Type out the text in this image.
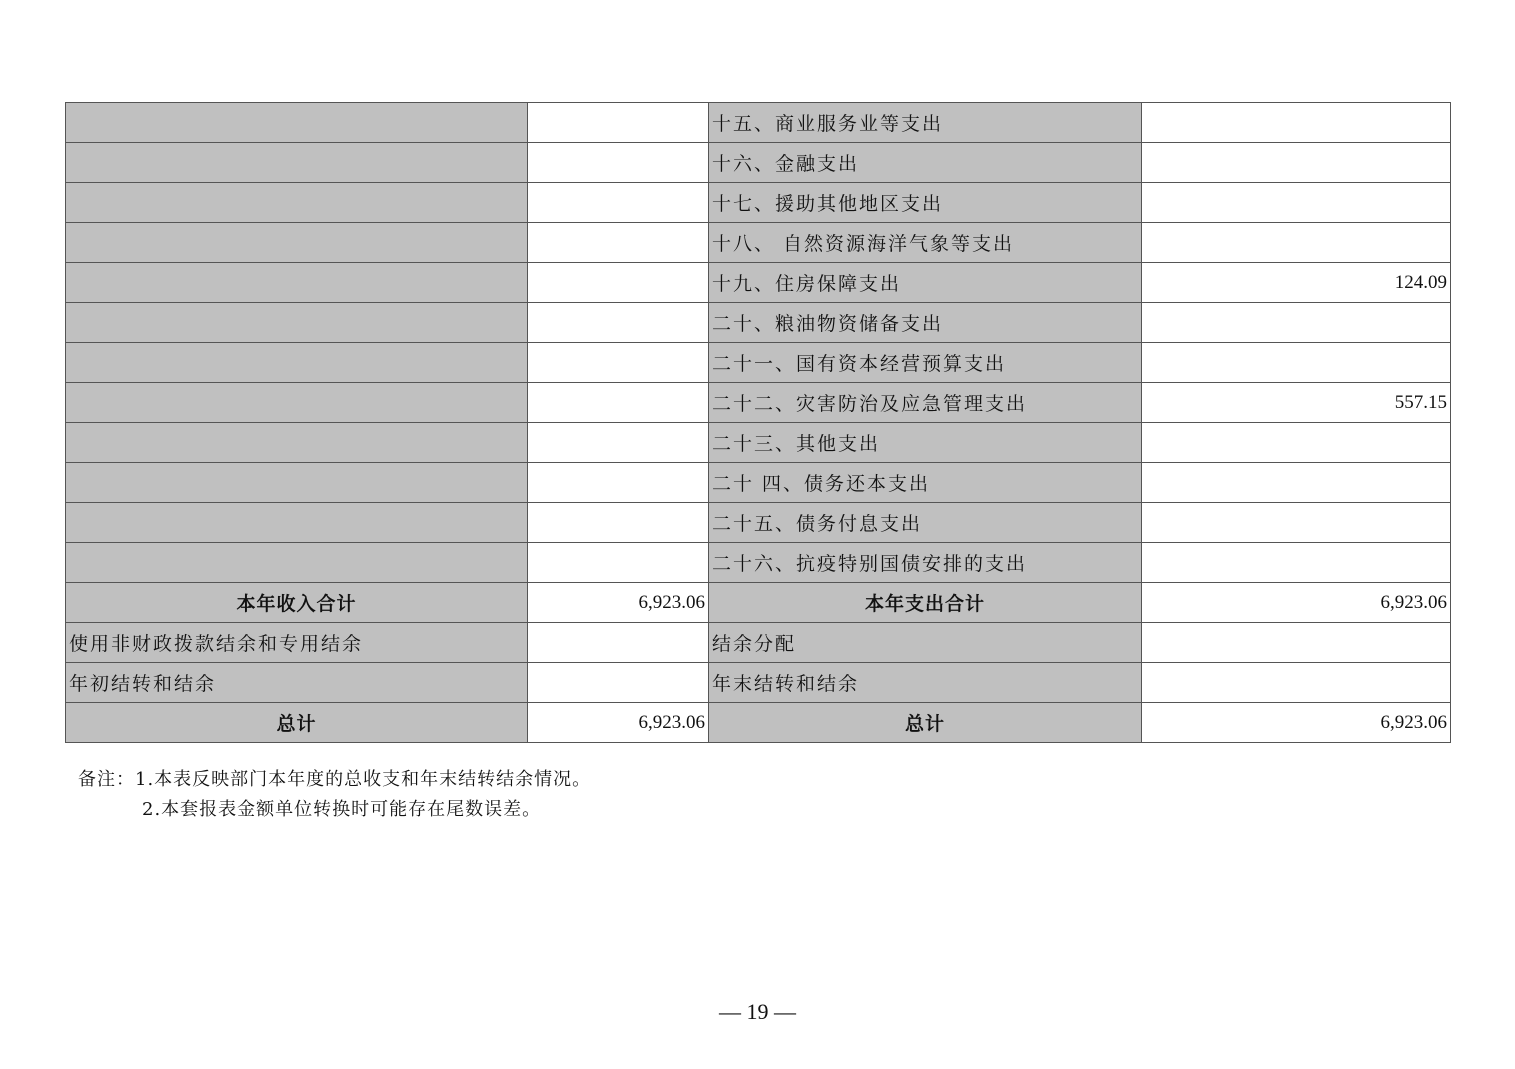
		十五、商业服务业等支出	
		十六、金融支出	
		十七、援助其他地区支出	
		十八、 自然资源海洋气象等支出	
		十九、住房保障支出	124.09
		二十、粮油物资储备支出	
		二十一、国有资本经营预算支出	
		二十二、灾害防治及应急管理支出	557.15
		二十三、其他支出	
		二十 四、债务还本支出	
		二十五、债务付息支出	
		二十六、抗疫特别国债安排的支出	
本年收入合计	6,923.06	本年支出合计	6,923.06
使用非财政拨款结余和专用结余		结余分配	
年初结转和结余		年末结转和结余	
总计	6,923.06	总计	6,923.06
备注：1.本表反映部门本年度的总收支和年末结转结余情况。
2.本套报表金额单位转换时可能存在尾数误差。
— 19 —
